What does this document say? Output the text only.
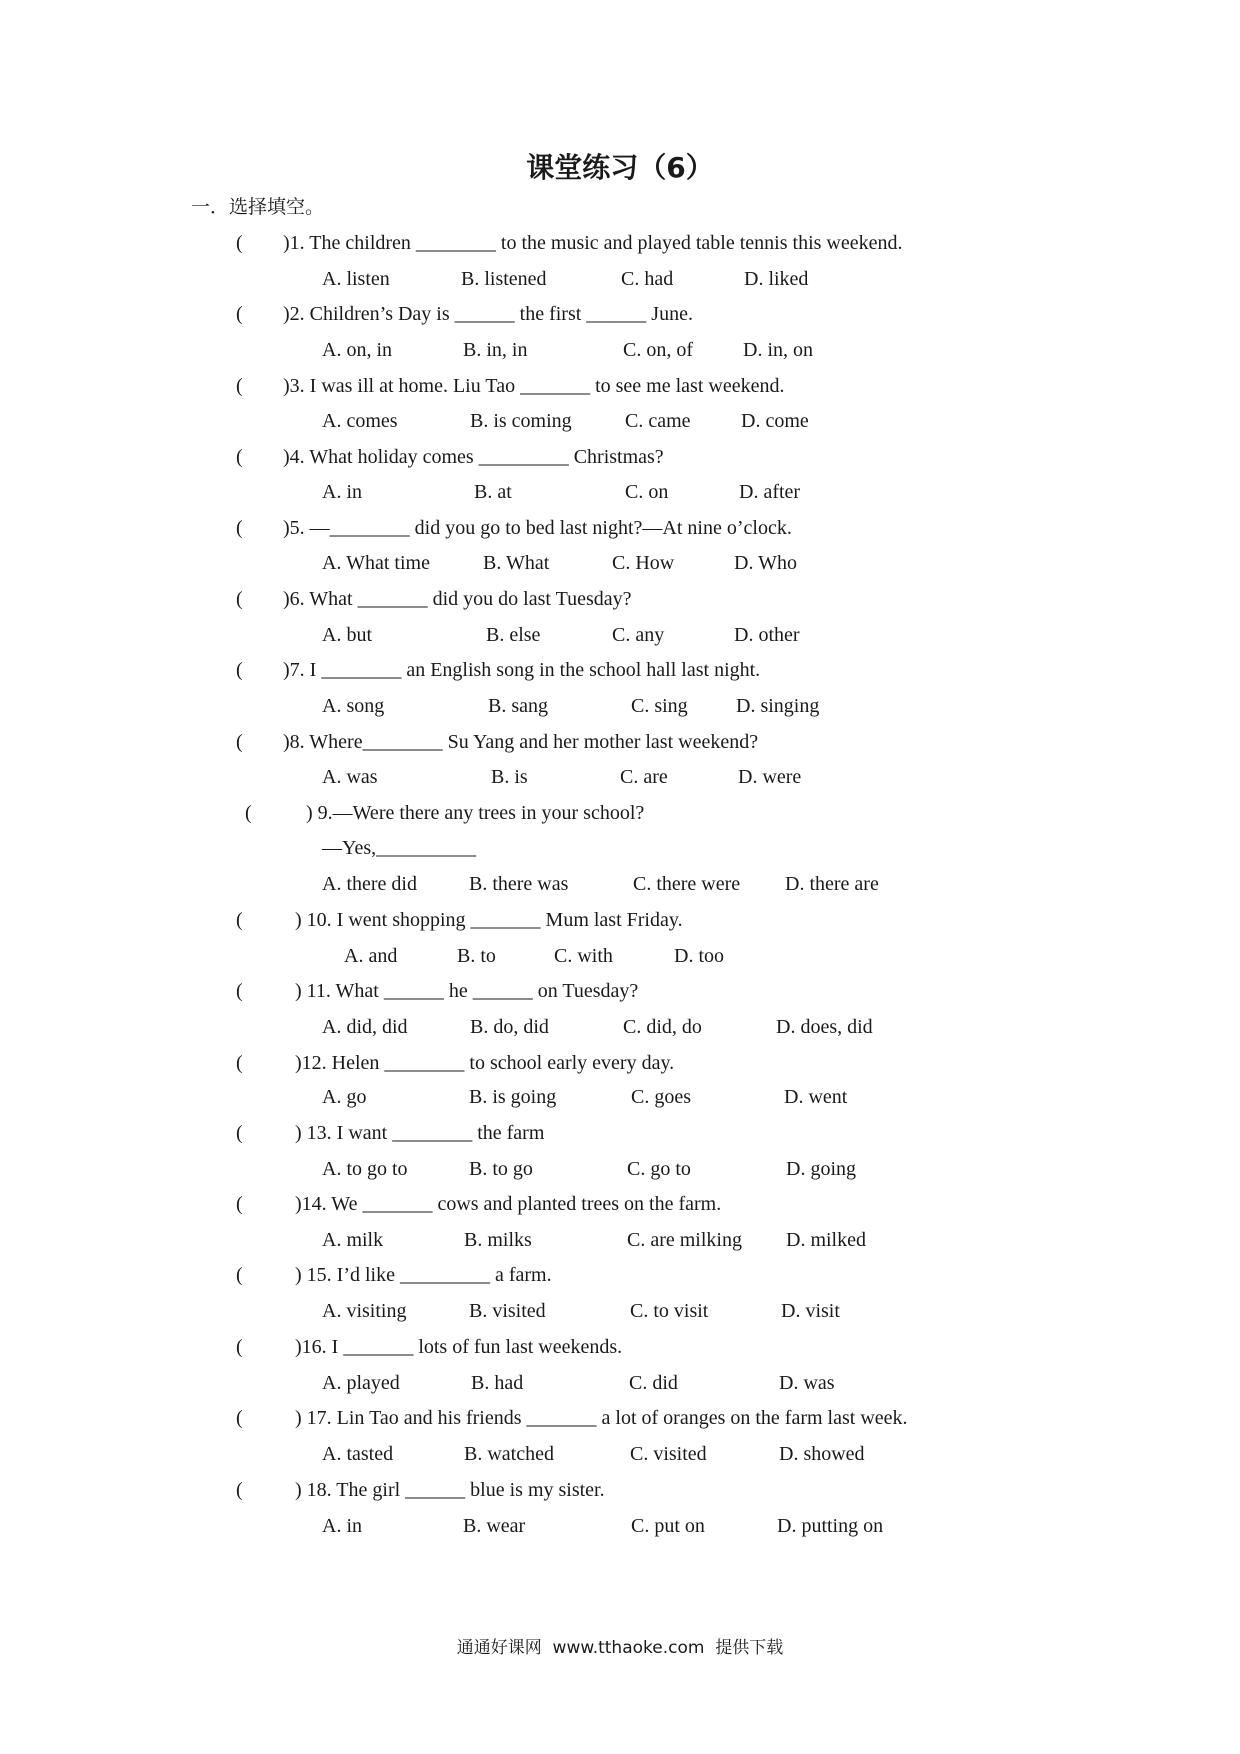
课堂练习（6）
一．选择填空。
( )1. The children ________ to the music and played table tennis this weekend.
A. listen	B. listened	C. had	D. liked
( )2. Children’s Day is ______ the first ______ June.
A. on, in	B. in, in	C. on, of	D. in, on
( )3. I was ill at home. Liu Tao _______ to see me last weekend.
A. comes	B. is coming	C. came	D. come
( )4. What holiday comes _________ Christmas?
A. in	B. at	C. on	D. after
( )5. —________ did you go to bed last night?—At nine o’clock.
A. What time	B. What	C. How	D. Who
( )6. What _______ did you do last Tuesday?
A. but	B. else	C. any	D. other
( )7. I ________ an English song in the school hall last night.
A. song	B. sang	C. sing D. singing
( )8. Where________ Su Yang and her mother last weekend?
A. was	B. is	C. are	D. were
(	) 9.—Were there any trees in your school?
—Yes,__________
A. there did	B. there was	C. there were D. there are
(	) 10. I went shopping _______ Mum last Friday.
A. and	B. to	C. with	D. too
(	) 11. What ______ he ______ on Tuesday?
A. did, did	B. do, did	C. did, do	D. does, did
(	)12. Helen ________ to school early every day.
A. go	B. is going	C. goes	D. went
(	) 13. I want ________ the farm
A. to go to	B. to go	C. go to	D. going
(	)14. We _______ cows and planted trees on the farm.
A. milk	B. milks	C. are milking D. milked
(	) 15. I’d like _________ a farm.
A. visiting	B. visited	C. to visit	D. visit
(	)16. I _______ lots of fun last weekends.
A. played	B. had	C. did	D. was
(	) 17. Lin Tao and his friends _______ a lot of oranges on the farm last week.
A. tasted	B. watched	C. visited	D. showed
(	) 18. The girl ______ blue is my sister.
A. in	B. wear	C. put on	D. putting on
通通好课网  www.tthaoke.com  提供下载
